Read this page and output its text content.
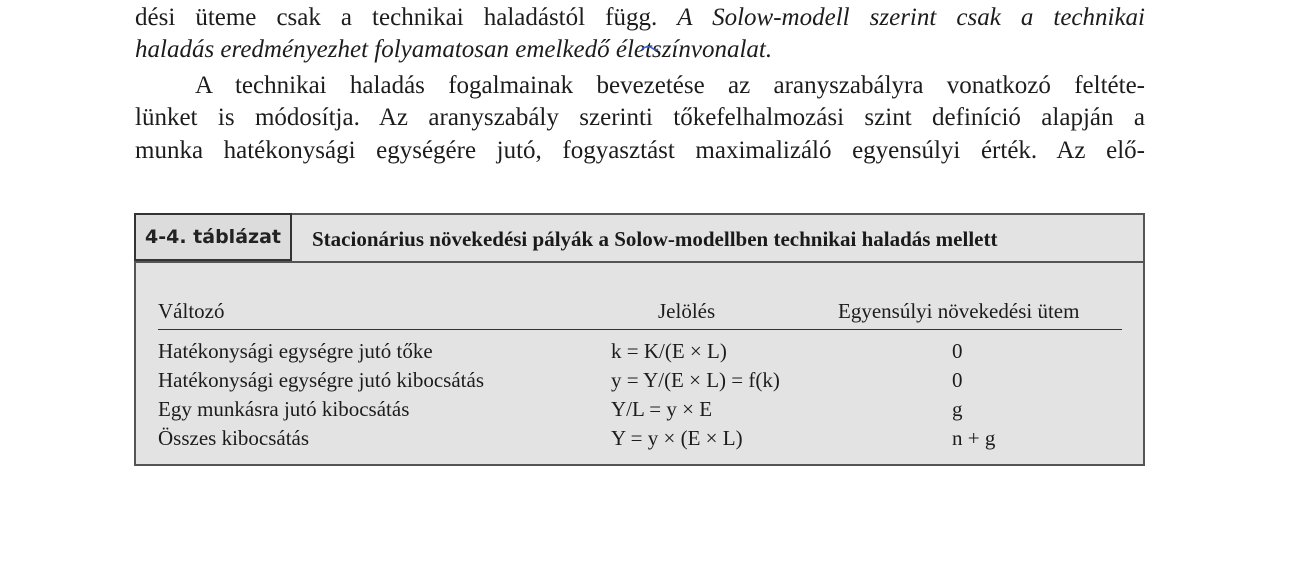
dési üteme csak a technikai haladástól függ. A Solow-modell szerint csak a technikai
haladás eredményezhet folyamatosan emelkedő életszínvonalat.
A technikai haladás fogalmainak bevezetése az aranyszabályra vonatkozó feltéte-
lünket is módosítja. Az aranyszabály szerinti tőkefelhalmozási szint definíció alapján a
munka hatékonysági egységére jutó, fogyasztást maximalizáló egyensúlyi érték. Az elő-
4-4. táblázat	Stacionárius növekedési pályák a Solow-modellben technikai haladás mellett
Változó	Jelölés	Egyensúlyi növekedési ütem
Hatékonysági egységre jutó tőke	k = K/(E × L)	0
Hatékonysági egységre jutó kibocsátás	y = Y/(E × L) = f(k)	0
Egy munkásra jutó kibocsátás	Y/L = y × E	g
Összes kibocsátás	Y = y × (E × L)	n + g
